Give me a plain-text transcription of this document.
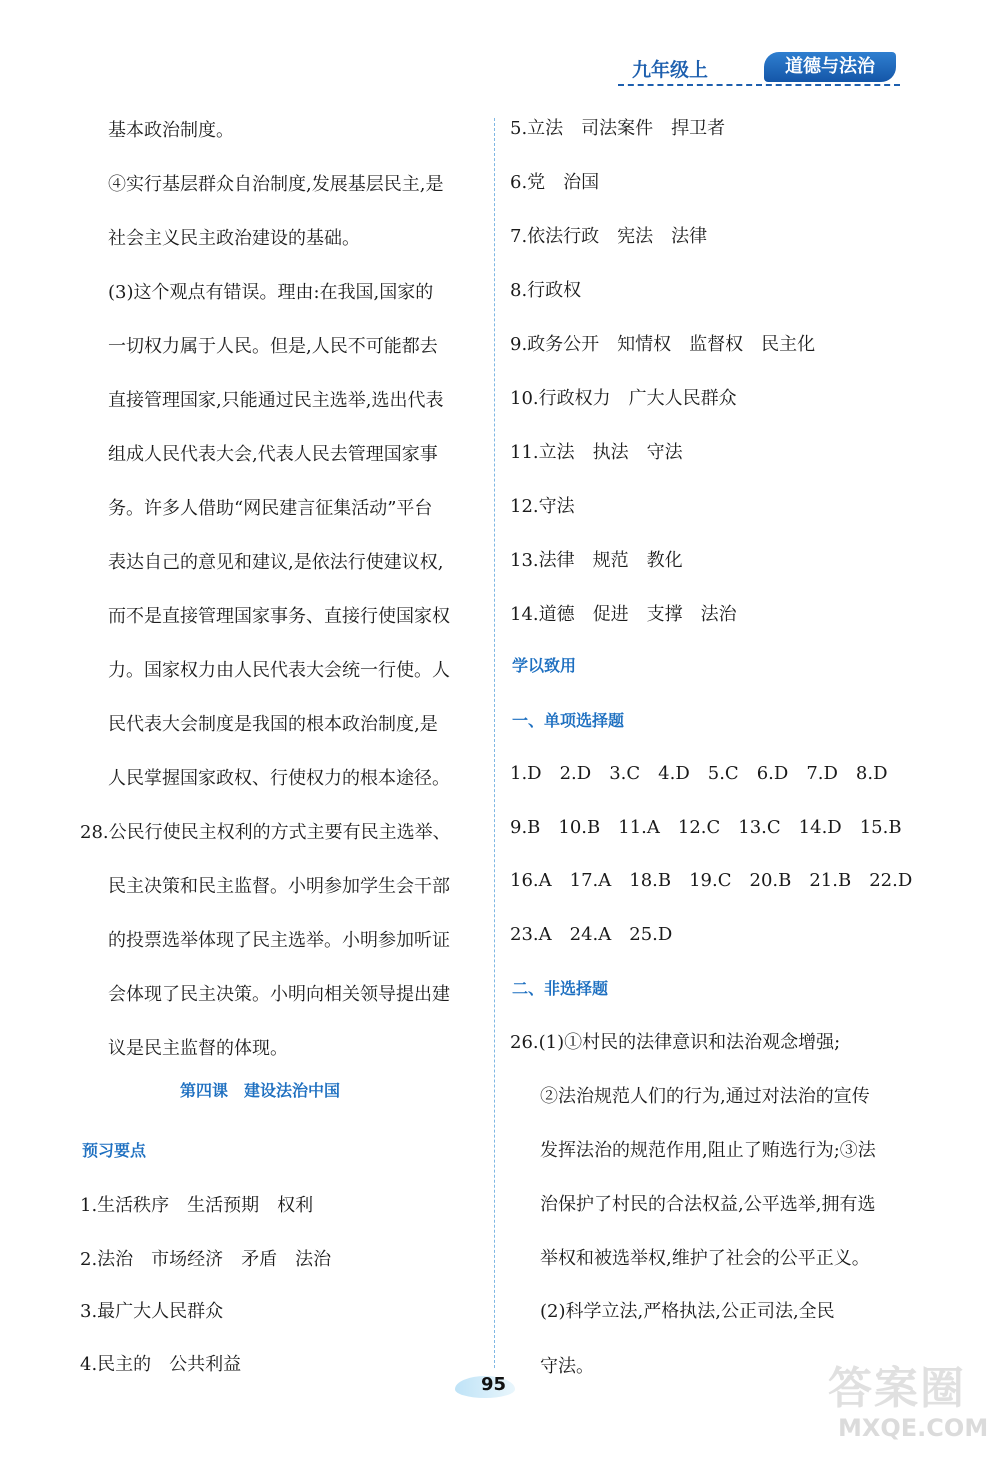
九年级上	道德与法治
基本政治制度。
④实行基层群众自治制度,发展基层民主,是
社会主义民主政治建设的基础。
(3)这个观点有错误。理由:在我国,国家的
一切权力属于人民。但是,人民不可能都去
直接管理国家,只能通过民主选举,选出代表
组成人民代表大会,代表人民去管理国家事
务。许多人借助“网民建言征集活动”平台
表达自己的意见和建议,是依法行使建议权,
而不是直接管理国家事务、直接行使国家权
力。国家权力由人民代表大会统一行使。人
民代表大会制度是我国的根本政治制度,是
人民掌握国家政权、行使权力的根本途径。
28.公民行使民主权利的方式主要有民主选举、
民主决策和民主监督。小明参加学生会干部
的投票选举体现了民主选举。小明参加听证
会体现了民主决策。小明向相关领导提出建
议是民主监督的体现。
第四课　建设法治中国
预习要点
1.生活秩序　生活预期　权利
2.法治　市场经济　矛盾　法治
3.最广大人民群众
4.民主的　公共利益
5.立法　司法案件　捍卫者
6.党　治国
7.依法行政　宪法　法律
8.行政权
9.政务公开　知情权　监督权　民主化
10.行政权力　广大人民群众
11.立法　执法　守法
12.守法
13.法律　规范　教化
14.道德　促进　支撑　法治
学以致用
一、单项选择题
1.D　2.D　3.C　4.D　5.C　6.D　7.D　8.D
9.B　10.B　11.A　12.C　13.C　14.D　15.B
16.A　17.A　18.B　19.C　20.B　21.B　22.D
23.A　24.A　25.D
二、非选择题
26.(1)①村民的法律意识和法治观念增强;
②法治规范人们的行为,通过对法治的宣传
发挥法治的规范作用,阻止了贿选行为;③法
治保护了村民的合法权益,公平选举,拥有选
举权和被选举权,维护了社会的公平正义。
(2)科学立法,严格执法,公正司法,全民
守法。
95	答案圈
MXQE.COM
